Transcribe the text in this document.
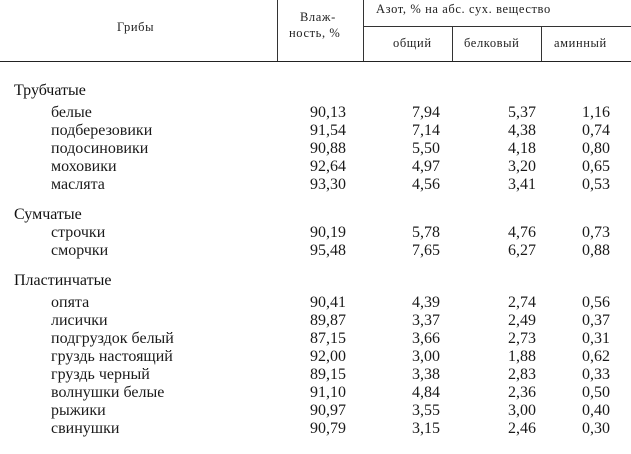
Грибы
Влаж-
ность, %
Азот, % на абс. сух. вещество
общий	белковый	аминный
Трубчатые
белые	90,13	7,94	5,37	1,16
подберезовики	91,54	7,14	4,38	0,74
подосиновики	90,88	5,50	4,18	0,80
моховики	92,64	4,97	3,20	0,65
маслята	93,30	4,56	3,41	0,53
Сумчатые
строчки	90,19	5,78	4,76	0,73
сморчки	95,48	7,65	6,27	0,88
Пластинчатые
опята	90,41	4,39	2,74	0,56
лисички	89,87	3,37	2,49	0,37
подгруздок белый	87,15	3,66	2,73	0,31
груздь настоящий	92,00	3,00	1,88	0,62
груздь черный	89,15	3,38	2,83	0,33
волнушки белые	91,10	4,84	2,36	0,50
рыжики	90,97	3,55	3,00	0,40
свинушки	90,79	3,15	2,46	0,30
